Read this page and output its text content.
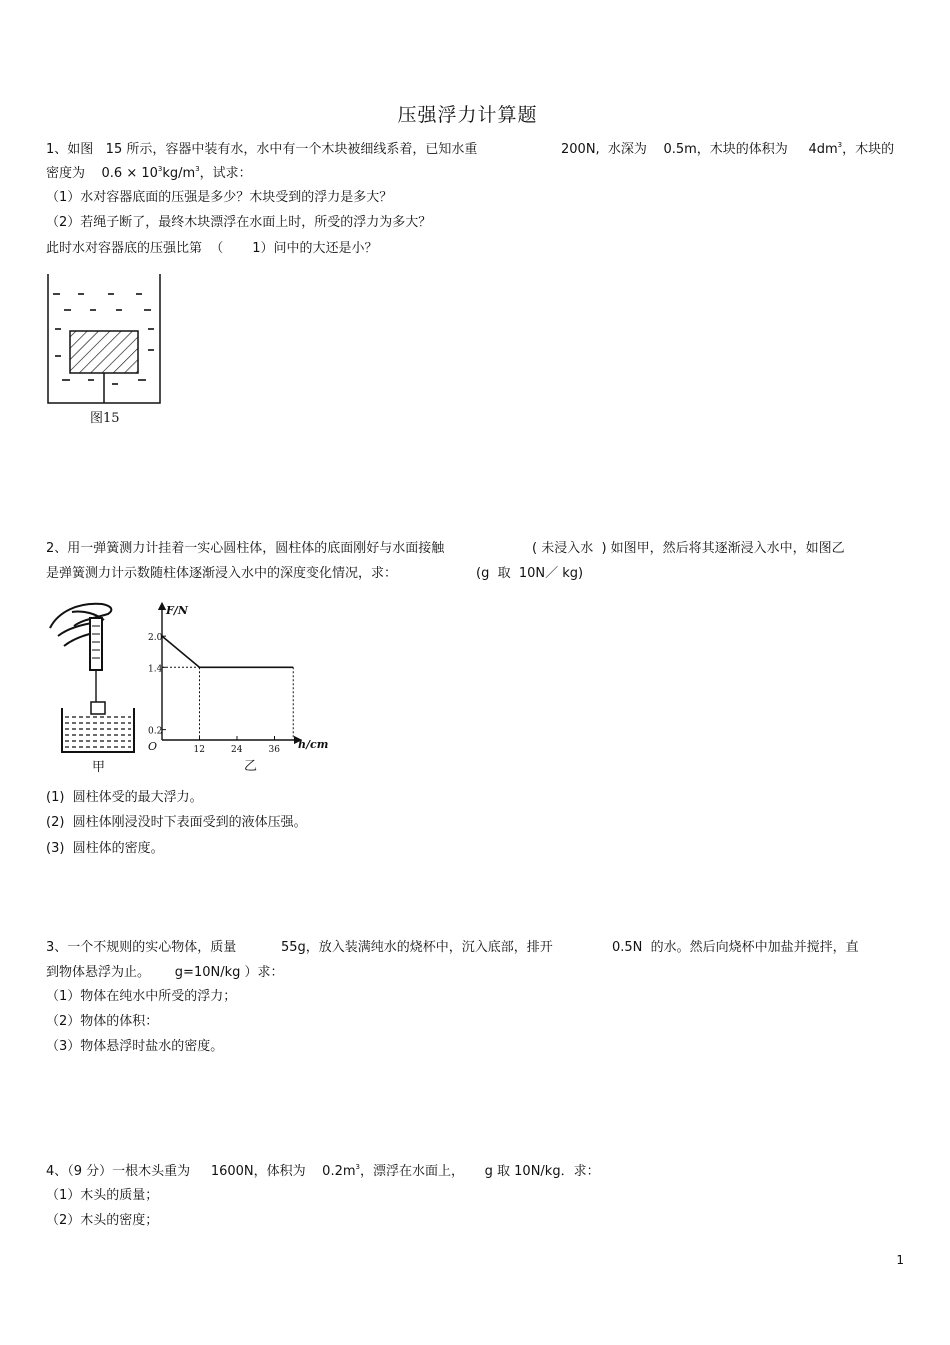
压强浮力计算题
1、如图   15 所示，容器中装有水，水中有一个木块被细线系着，已知水重	200N,  水深为    0.5m，木块的体积为     $4dm^3$，木块的
密度为    $0.6 \times 10^3kg/m^3$，试求：
（1）水对容器底面的压强是多少？木块受到的浮力是多大？
（2）若绳子断了，最终木块漂浮在水面上时，所受的浮力为多大？
此时水对容器底的压强比第  （       1）问中的大还是小？
图15
2、用一弹簧测力计挂着一实心圆柱体，圆柱体的底面刚好与水面接触	( 未浸入水  ) 如图甲，然后将其逐渐浸入水中，如图乙
是弹簧测力计示数随柱体逐渐浸入水中的深度变化情况，求：	(g  取  10N／ kg)
甲
F/N
h/cm
O
2.0
1.4
0.2
12	24	36
乙
(1)  圆柱体受的最大浮力。
(2)  圆柱体刚浸没时下表面受到的液体压强。
(3)  圆柱体的密度。
3、一个不规则的实心物体，质量	55g，放入装满纯水的烧杯中，沉入底部，排开	0.5N  的水。然后向烧杯中加盐并搅拌，直
到物体悬浮为止。      g=10N/kg ）求：
（1）物体在纯水中所受的浮力；
（2）物体的体积：
（3）物体悬浮时盐水的密度。
4、（9 分）一根木头重为     1600N，体积为    $0.2m^3$，漂浮在水面上，     g 取 10N/kg．求：
（1）木头的质量；
（2）木头的密度；
1
